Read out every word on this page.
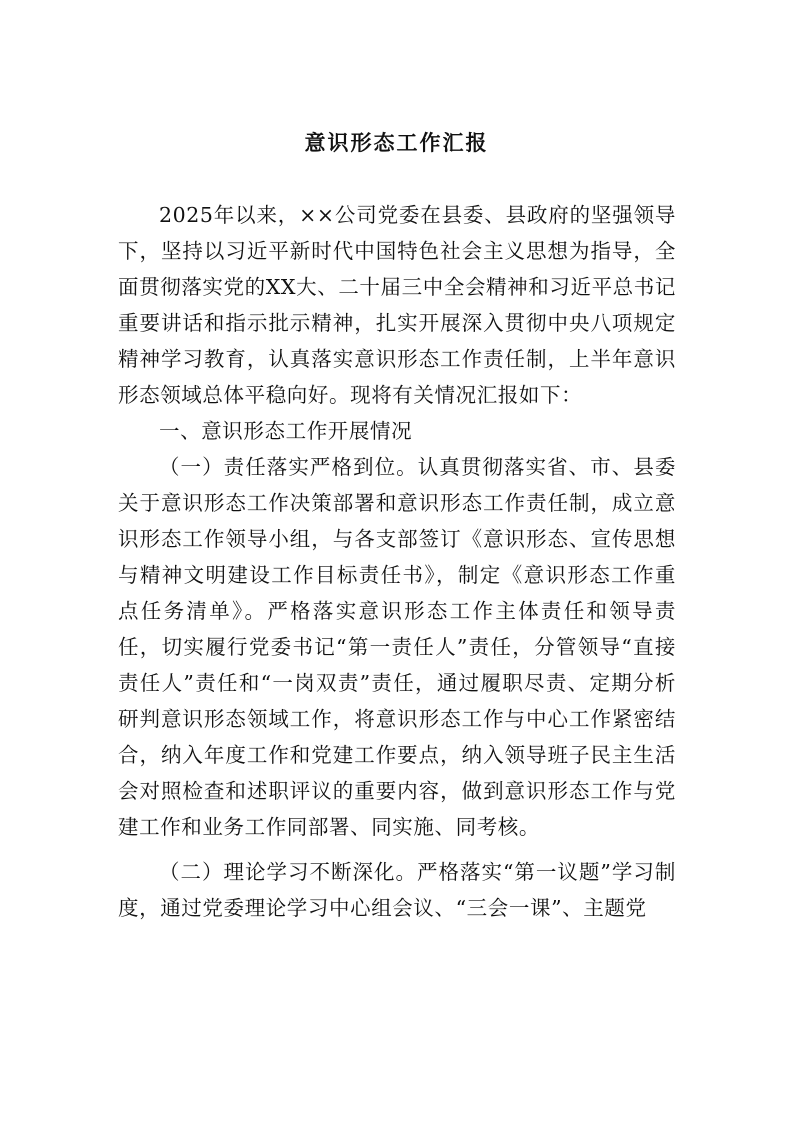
意识形态工作汇报

2025年以来，××公司党委在县委、县政府的坚强领导下，坚持以习近平新时代中国特色社会主义思想为指导，全面贯彻落实党的XX大、二十届三中全会精神和习近平总书记重要讲话和指示批示精神，扎实开展深入贯彻中央八项规定精神学习教育，认真落实意识形态工作责任制，上半年意识形态领域总体平稳向好。现将有关情况汇报如下：

一、意识形态工作开展情况

（一）责任落实严格到位。认真贯彻落实省、市、县委关于意识形态工作决策部署和意识形态工作责任制，成立意识形态工作领导小组，与各支部签订《意识形态、宣传思想与精神文明建设工作目标责任书》，制定《意识形态工作重点任务清单》。严格落实意识形态工作主体责任和领导责任，切实履行党委书记“第一责任人”责任，分管领导“直接责任人”责任和“一岗双责”责任，通过履职尽责、定期分析研判意识形态领域工作，将意识形态工作与中心工作紧密结合，纳入年度工作和党建工作要点，纳入领导班子民主生活会对照检查和述职评议的重要内容，做到意识形态工作与党建工作和业务工作同部署、同实施、同考核。

（二）理论学习不断深化。严格落实“第一议题”学习制度，通过党委理论学习中心组会议、“三会一课”、主题党
